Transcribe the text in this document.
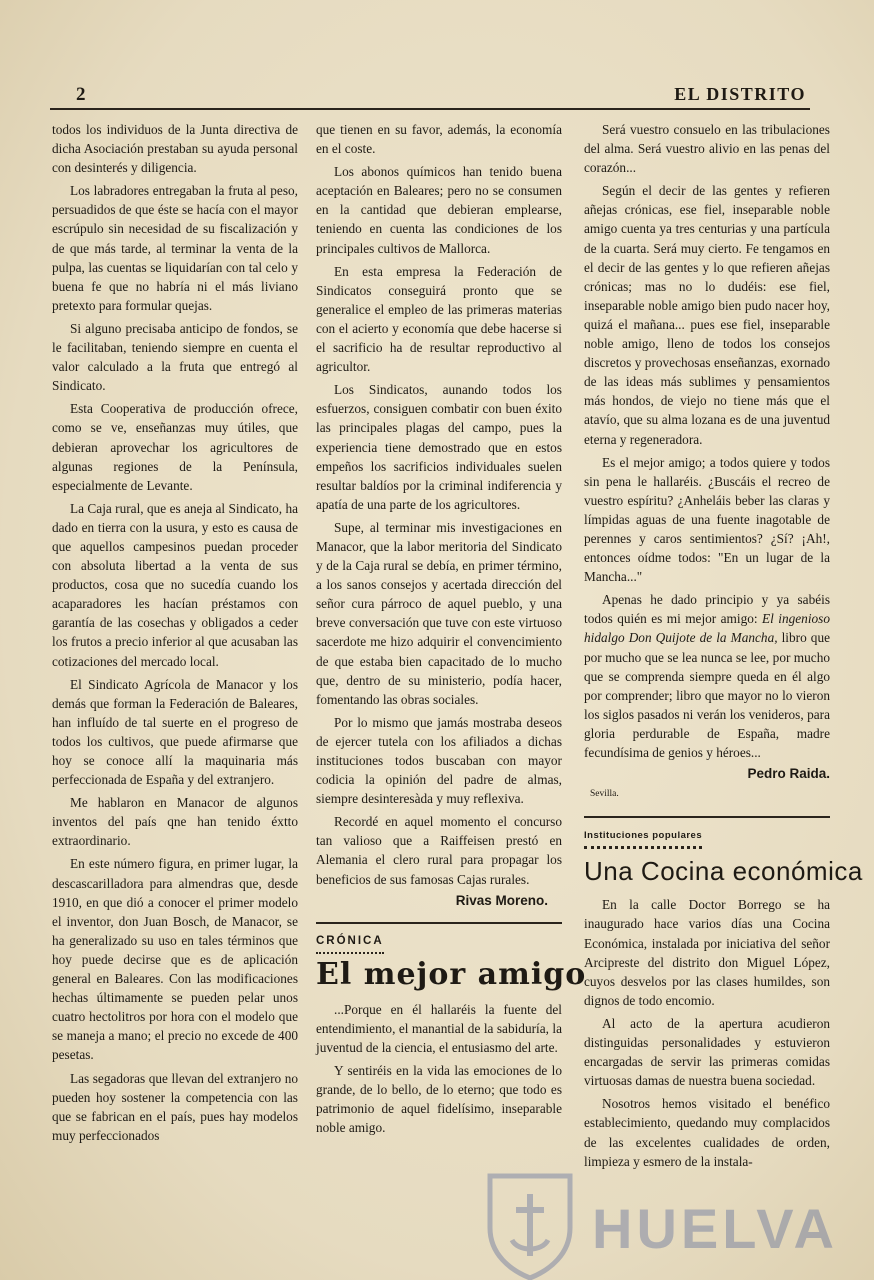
2	EL DISTRITO

todos los individuos de la Junta directiva de dicha Asociación prestaban su ayuda personal con desinterés y diligencia.

Los labradores entregaban la fruta al peso, persuadidos de que éste se hacía con el mayor escrúpulo sin necesidad de su fiscalización y de que más tarde, al terminar la venta de la pulpa, las cuentas se liquidarían con tal celo y buena fe que no habría ni el más liviano pretexto para formular quejas.

Si alguno precisaba anticipo de fondos, se le facilitaban, teniendo siempre en cuenta el valor calculado a la fruta que entregó al Sindicato.

Esta Cooperativa de producción ofrece, como se ve, enseñanzas muy útiles, que debieran aprovechar los agricultores de algunas regiones de la Península, especialmente de Levante.

La Caja rural, que es aneja al Sindicato, ha dado en tierra con la usura, y esto es causa de que aquellos campesinos puedan proceder con absoluta libertad a la venta de sus productos, cosa que no sucedía cuando los acaparadores les hacían préstamos con garantía de las cosechas y obligados a ceder los frutos a precio inferior al que acusaban las cotizaciones del mercado local.

El Sindicato Agrícola de Manacor y los demás que forman la Federación de Baleares, han influído de tal suerte en el progreso de todos los cultivos, que puede afirmarse que hoy se conoce allí la maquinaria más perfeccionada de España y del extranjero.

Me hablaron en Manacor de algunos inventos del país qne han tenido éxtto extraordinario.

En este número figura, en primer lugar, la descascarilladora para almendras que, desde 1910, en que dió a conocer el primer modelo el inventor, don Juan Bosch, de Manacor, se ha generalizado su uso en tales términos que hoy puede decirse que es de aplicación general en Baleares. Con las modificaciones hechas últimamente se pueden pelar unos cuatro hectolitros por hora con el modelo que se maneja a mano; el precio no excede de 400 pesetas.

Las segadoras que llevan del extranjero no pueden hoy sostener la competencia con las que se fabrican en el país, pues hay modelos muy perfeccionados

que tienen en su favor, además, la economía en el coste.

Los abonos químicos han tenido buena aceptación en Baleares; pero no se consumen en la cantidad que debieran emplearse, teniendo en cuenta las condiciones de los principales cultivos de Mallorca.

En esta empresa la Federación de Sindicatos conseguirá pronto que se generalice el empleo de las primeras materias con el acierto y economía que debe hacerse si el sacrificio ha de resultar reproductivo al agricultor.

Los Sindicatos, aunando todos los esfuerzos, consiguen combatir con buen éxito las principales plagas del campo, pues la experiencia tiene demostrado que en estos empeños los sacrificios individuales suelen resultar baldíos por la criminal indiferencia y apatía de una parte de los agricultores.

Supe, al terminar mis investigaciones en Manacor, que la labor meritoria del Sindicato y de la Caja rural se debía, en primer término, a los sanos consejos y acertada dirección del señor cura párroco de aquel pueblo, y una breve conversación que tuve con este virtuoso sacerdote me hizo adquirir el convencimiento de que estaba bien capacitado de lo mucho que, dentro de su ministerio, podía hacer, fomentando las obras sociales.

Por lo mismo que jamás mostraba deseos de ejercer tutela con los afiliados a dichas instituciones todos buscaban con mayor codicia la opinión del padre de almas, siempre desinteresàda y muy reflexiva.

Recordé en aquel momento el concurso tan valioso que a Raiffeisen prestó en Alemania el clero rural para propagar los beneficios de sus famosas Cajas rurales.

Rivas Moreno.

CRÓNICA

El mejor amigo

...Porque en él hallaréis la fuente del entendimiento, el manantial de la sabiduría, la juventud de la ciencia, el entusiasmo del arte.

Y sentiréis en la vida las emociones de lo grande, de lo bello, de lo eterno; que todo es patrimonio de aquel fidelísimo, inseparable noble amigo.

Será vuestro consuelo en las tribulaciones del alma. Será vuestro alivio en las penas del corazón...

Según el decir de las gentes y refieren añejas crónicas, ese fiel, inseparable noble amigo cuenta ya tres centurias y una partícula de la cuarta. Será muy cierto. Fe tengamos en el decir de las gentes y lo que refieren añejas crónicas; mas no lo dudéis: ese fiel, inseparable noble amigo bien pudo nacer hoy, quizá el mañana... pues ese fiel, inseparable noble amigo, lleno de todos los consejos discretos y provechosas enseñanzas, exornado de las ideas más sublimes y pensamientos más hondos, de viejo no tiene más que el atavío, que su alma lozana es de una juventud eterna y regeneradora.

Es el mejor amigo; a todos quiere y todos sin pena le hallaréis. ¿Buscáis el recreo de vuestro espíritu? ¿Anheláis beber las claras y límpidas aguas de una fuente inagotable de perennes y caros sentimientos? ¿Sí? ¡Ah!, entonces oídme todos: "En un lugar de la Mancha..."

Apenas he dado principio y ya sabéis todos quién es mi mejor amigo: El ingenioso hidalgo Don Quijote de la Mancha, libro que por mucho que se lea nunca se lee, por mucho que se comprenda siempre queda en él algo por comprender; libro que mayor no lo vieron los siglos pasados ni verán los venideros, para gloria perdurable de España, madre fecundísima de genios y héroes...

Pedro Raida.

Sevilla.

Instituciones populares

Una Cocina económica

En la calle Doctor Borrego se ha inaugurado hace varios días una Cocina Económica, instalada por iniciativa del señor Arcipreste del distrito don Miguel López, cuyos desvelos por las clases humildes, son dignos de todo encomio.

Al acto de la apertura acudieron distinguidas personalidades y estuvieron encargadas de servir las primeras comidas virtuosas damas de nuestra buena sociedad.

Nosotros hemos visitado el benéfico establecimiento, quedando muy complacidos de las excelentes cualidades de orden, limpieza y esmero de la instala-

HUELVA
